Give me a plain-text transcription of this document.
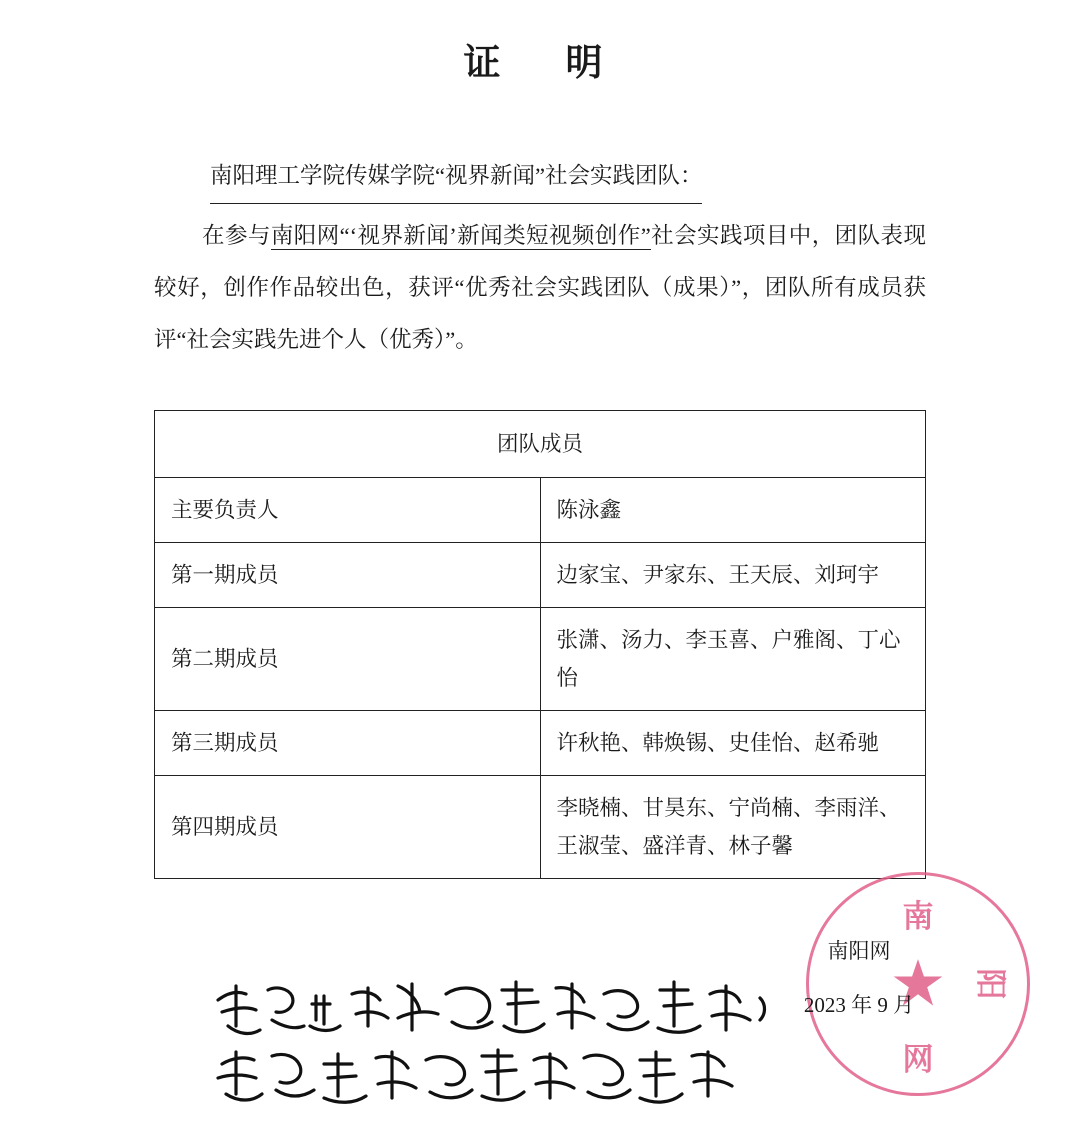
证　明
南阳理工学院传媒学院“视界新闻”社会实践团队：
在参与南阳网“‘视界新闻’新闻类短视频创作”社会实践项目中，团队表现较好，创作作品较出色，获评“优秀社会实践团队（成果）”，团队所有成员获评“社会实践先进个人（优秀）”。
团队成员	
主要负责人	陈泳鑫
第一期成员	边家宝、尹家东、王天辰、刘珂宇
第二期成员	张潇、汤力、李玉喜、户雅阁、丁心怡
第三期成员	许秋艳、韩焕锡、史佳怡、赵希驰
第四期成员	李晓楠、甘昊东、宁尚楠、李雨洋、王淑莹、盛洋青、林子馨
南
阳
网
南阳网
2023 年 9 月
